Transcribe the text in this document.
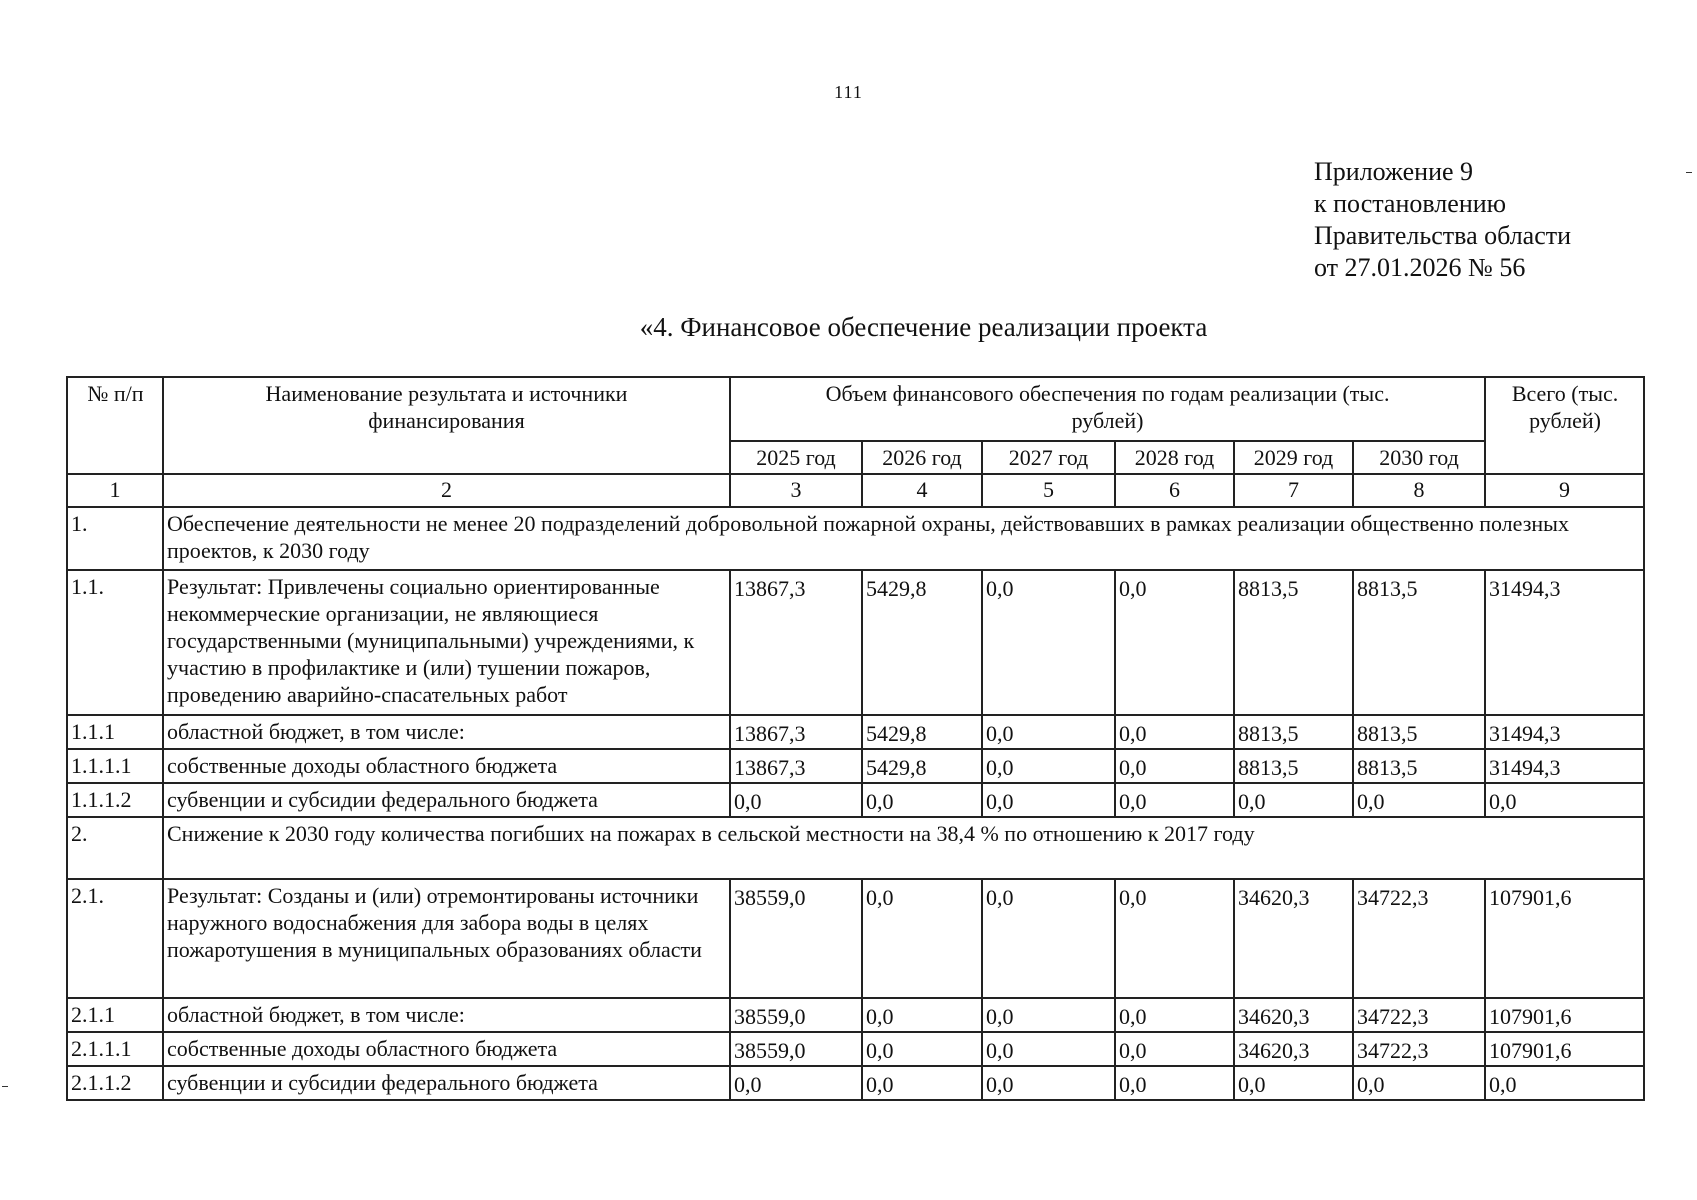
111
Приложение 9
к постановлению
Правительства области
от 27.01.2026 № 56
«4. Финансовое обеспечение реализации проекта
№ п/п	Наименование результата и источники финансирования	Объем финансового обеспечения по годам реализации (тыс. рублей)						Всего (тыс. рублей)
		2025 год	2026 год	2027 год	2028 год	2029 год	2030 год	
1	2	3	4	5	6	7	8	9
1.	Обеспечение деятельности не менее 20 подразделений добровольной пожарной охраны, действовавших в рамках реализации общественно полезных проектов, к 2030 году							
1.1.	Результат: Привлечены социально ориентированные некоммерческие организации, не являющиеся государственными (муниципальными) учреждениями, к участию в профилактике и (или) тушении пожаров, проведению аварийно-спасательных работ	13867,3	5429,8	0,0	0,0	8813,5	8813,5	31494,3
1.1.1	областной бюджет, в том числе:	13867,3	5429,8	0,0	0,0	8813,5	8813,5	31494,3
1.1.1.1	собственные доходы областного бюджета	13867,3	5429,8	0,0	0,0	8813,5	8813,5	31494,3
1.1.1.2	субвенции и субсидии федерального бюджета	0,0	0,0	0,0	0,0	0,0	0,0	0,0
2.	Снижение к 2030 году количества погибших на пожарах в сельской местности на 38,4 % по отношению к 2017 году							
2.1.	Результат: Созданы и (или) отремонтированы источники наружного водоснабжения для забора воды в целях пожаротушения в муниципальных образованиях области	38559,0	0,0	0,0	0,0	34620,3	34722,3	107901,6
2.1.1	областной бюджет, в том числе:	38559,0	0,0	0,0	0,0	34620,3	34722,3	107901,6
2.1.1.1	собственные доходы областного бюджета	38559,0	0,0	0,0	0,0	34620,3	34722,3	107901,6
2.1.1.2	субвенции и субсидии федерального бюджета	0,0	0,0	0,0	0,0	0,0	0,0	0,0
